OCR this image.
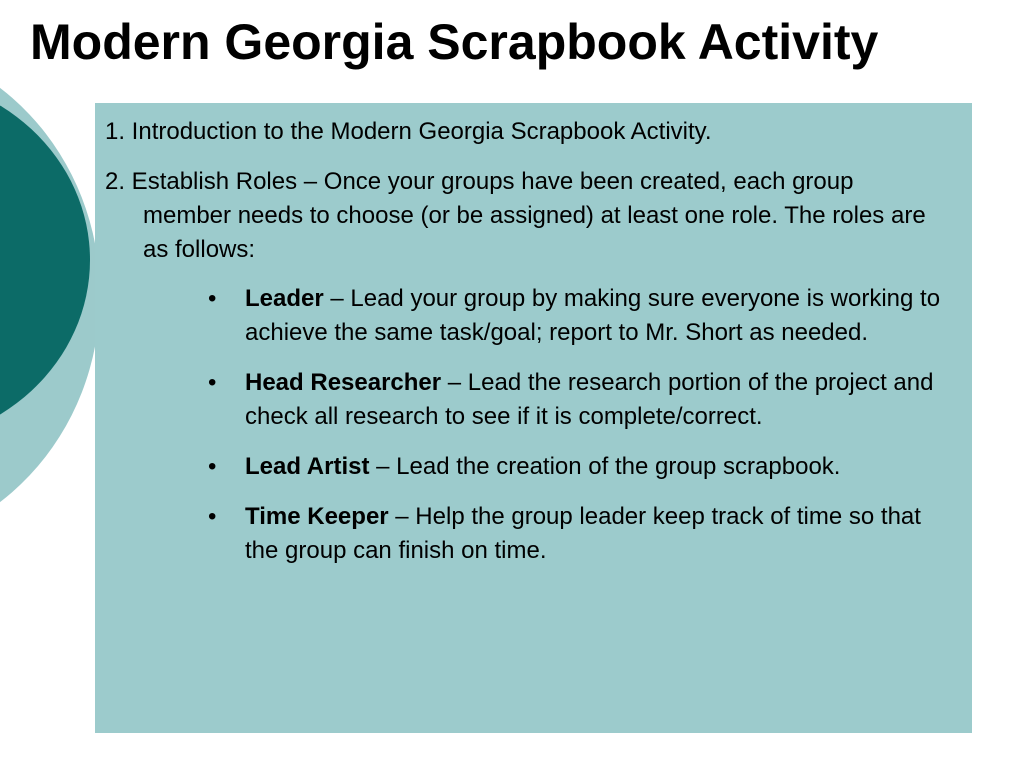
Modern Georgia Scrapbook Activity

1. Introduction to the Modern Georgia Scrapbook Activity.

2. Establish Roles – Once your groups have been created, each group member needs to choose (or be assigned) at least one role. The roles are as follows:

• Leader – Lead your group by making sure everyone is working to achieve the same task/goal; report to Mr. Short as needed.
• Head Researcher – Lead the research portion of the project and check all research to see if it is complete/correct.
• Lead Artist – Lead the creation of the group scrapbook.
• Time Keeper – Help the group leader keep track of time so that the group can finish on time.
